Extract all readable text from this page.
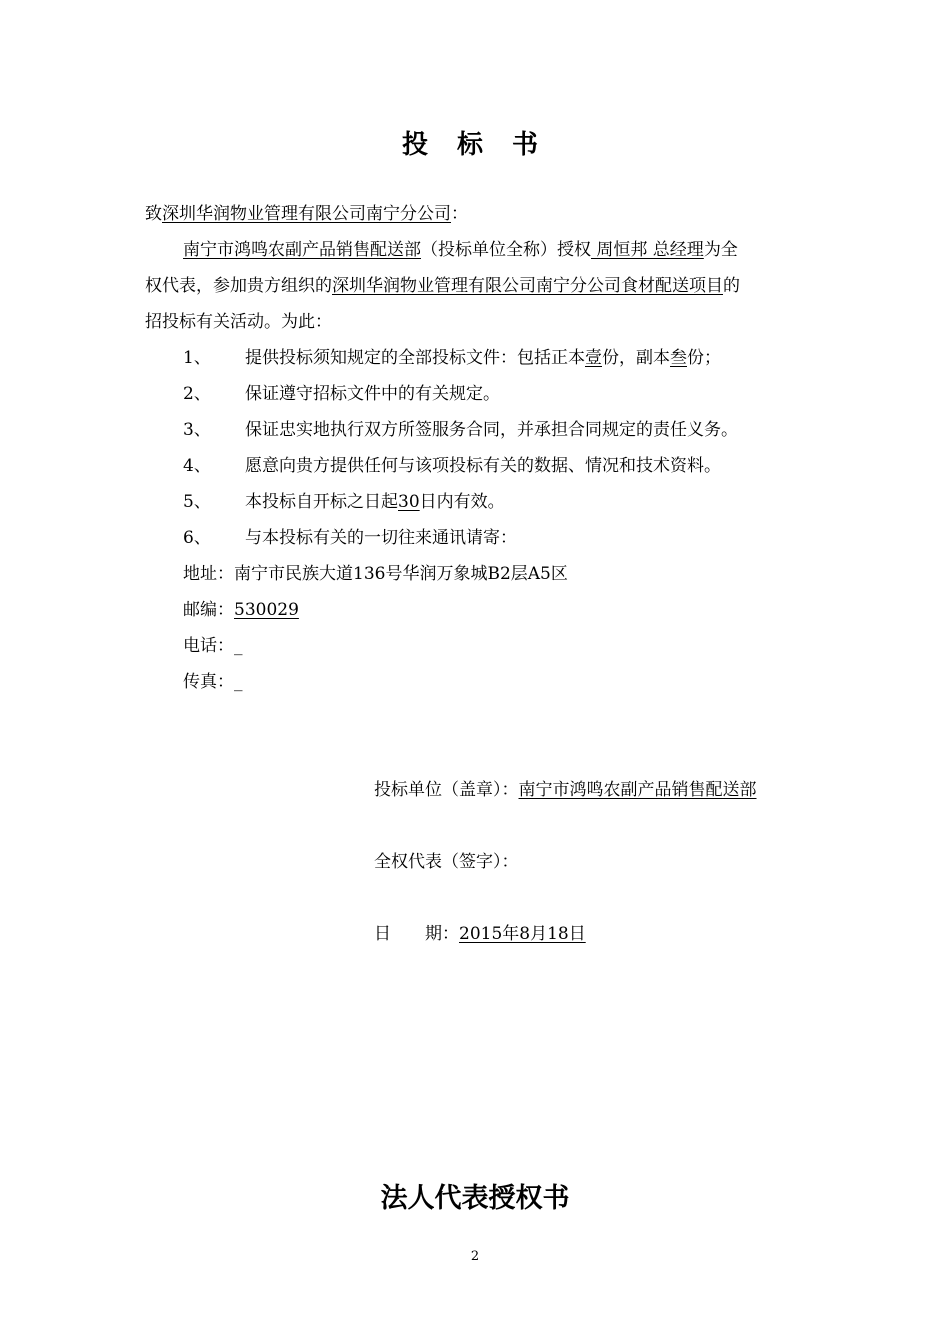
投 标 书
致深圳华润物业管理有限公司南宁分公司：
南宁市鸿鸣农副产品销售配送部（投标单位全称）授权 周恒邦 总经理为全
权代表，参加贵方组织的深圳华润物业管理有限公司南宁分公司食材配送项目的
招投标有关活动。为此：
1、 提供投标须知规定的全部投标文件：包括正本壹份，副本叁份；
2、 保证遵守招标文件中的有关规定。
3、 保证忠实地执行双方所签服务合同，并承担合同规定的责任义务。
4、 愿意向贵方提供任何与该项投标有关的数据、情况和技术资料。
5、 本投标自开标之日起30日内有效。
6、 与本投标有关的一切往来通讯请寄：
地址：南宁市民族大道136号华润万象城B2层A5区
邮编：530029
电话：_
传真：_
投标单位（盖章）：南宁市鸿鸣农副产品销售配送部
全权代表（签字）：
日　　期：2015年8月18日
法人代表授权书
2
